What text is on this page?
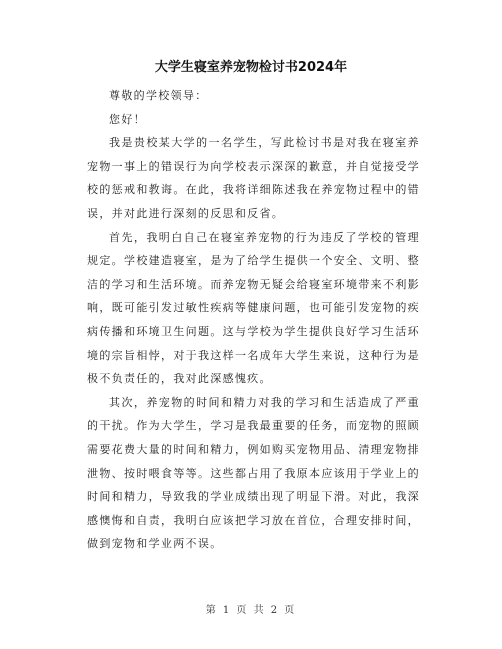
大学生寝室养宠物检讨书2024年

尊敬的学校领导：

您好！

我是贵校某大学的一名学生，写此检讨书是对我在寝室养宠物一事上的错误行为向学校表示深深的歉意，并自觉接受学校的惩戒和教诲。在此，我将详细陈述我在养宠物过程中的错误，并对此进行深刻的反思和反省。

首先，我明白自己在寝室养宠物的行为违反了学校的管理规定。学校建造寝室，是为了给学生提供一个安全、文明、整洁的学习和生活环境。而养宠物无疑会给寝室环境带来不利影响，既可能引发过敏性疾病等健康问题，也可能引发宠物的疾病传播和环境卫生问题。这与学校为学生提供良好学习生活环境的宗旨相悖，对于我这样一名成年大学生来说，这种行为是极不负责任的，我对此深感愧疚。

其次，养宠物的时间和精力对我的学习和生活造成了严重的干扰。作为大学生，学习是我最重要的任务，而宠物的照顾需要花费大量的时间和精力，例如购买宠物用品、清理宠物排泄物、按时喂食等等。这些都占用了我原本应该用于学业上的时间和精力，导致我的学业成绩出现了明显下滑。对此，我深感懊悔和自责，我明白应该把学习放在首位，合理安排时间，做到宠物和学业两不误。

第 1 页 共 2 页
